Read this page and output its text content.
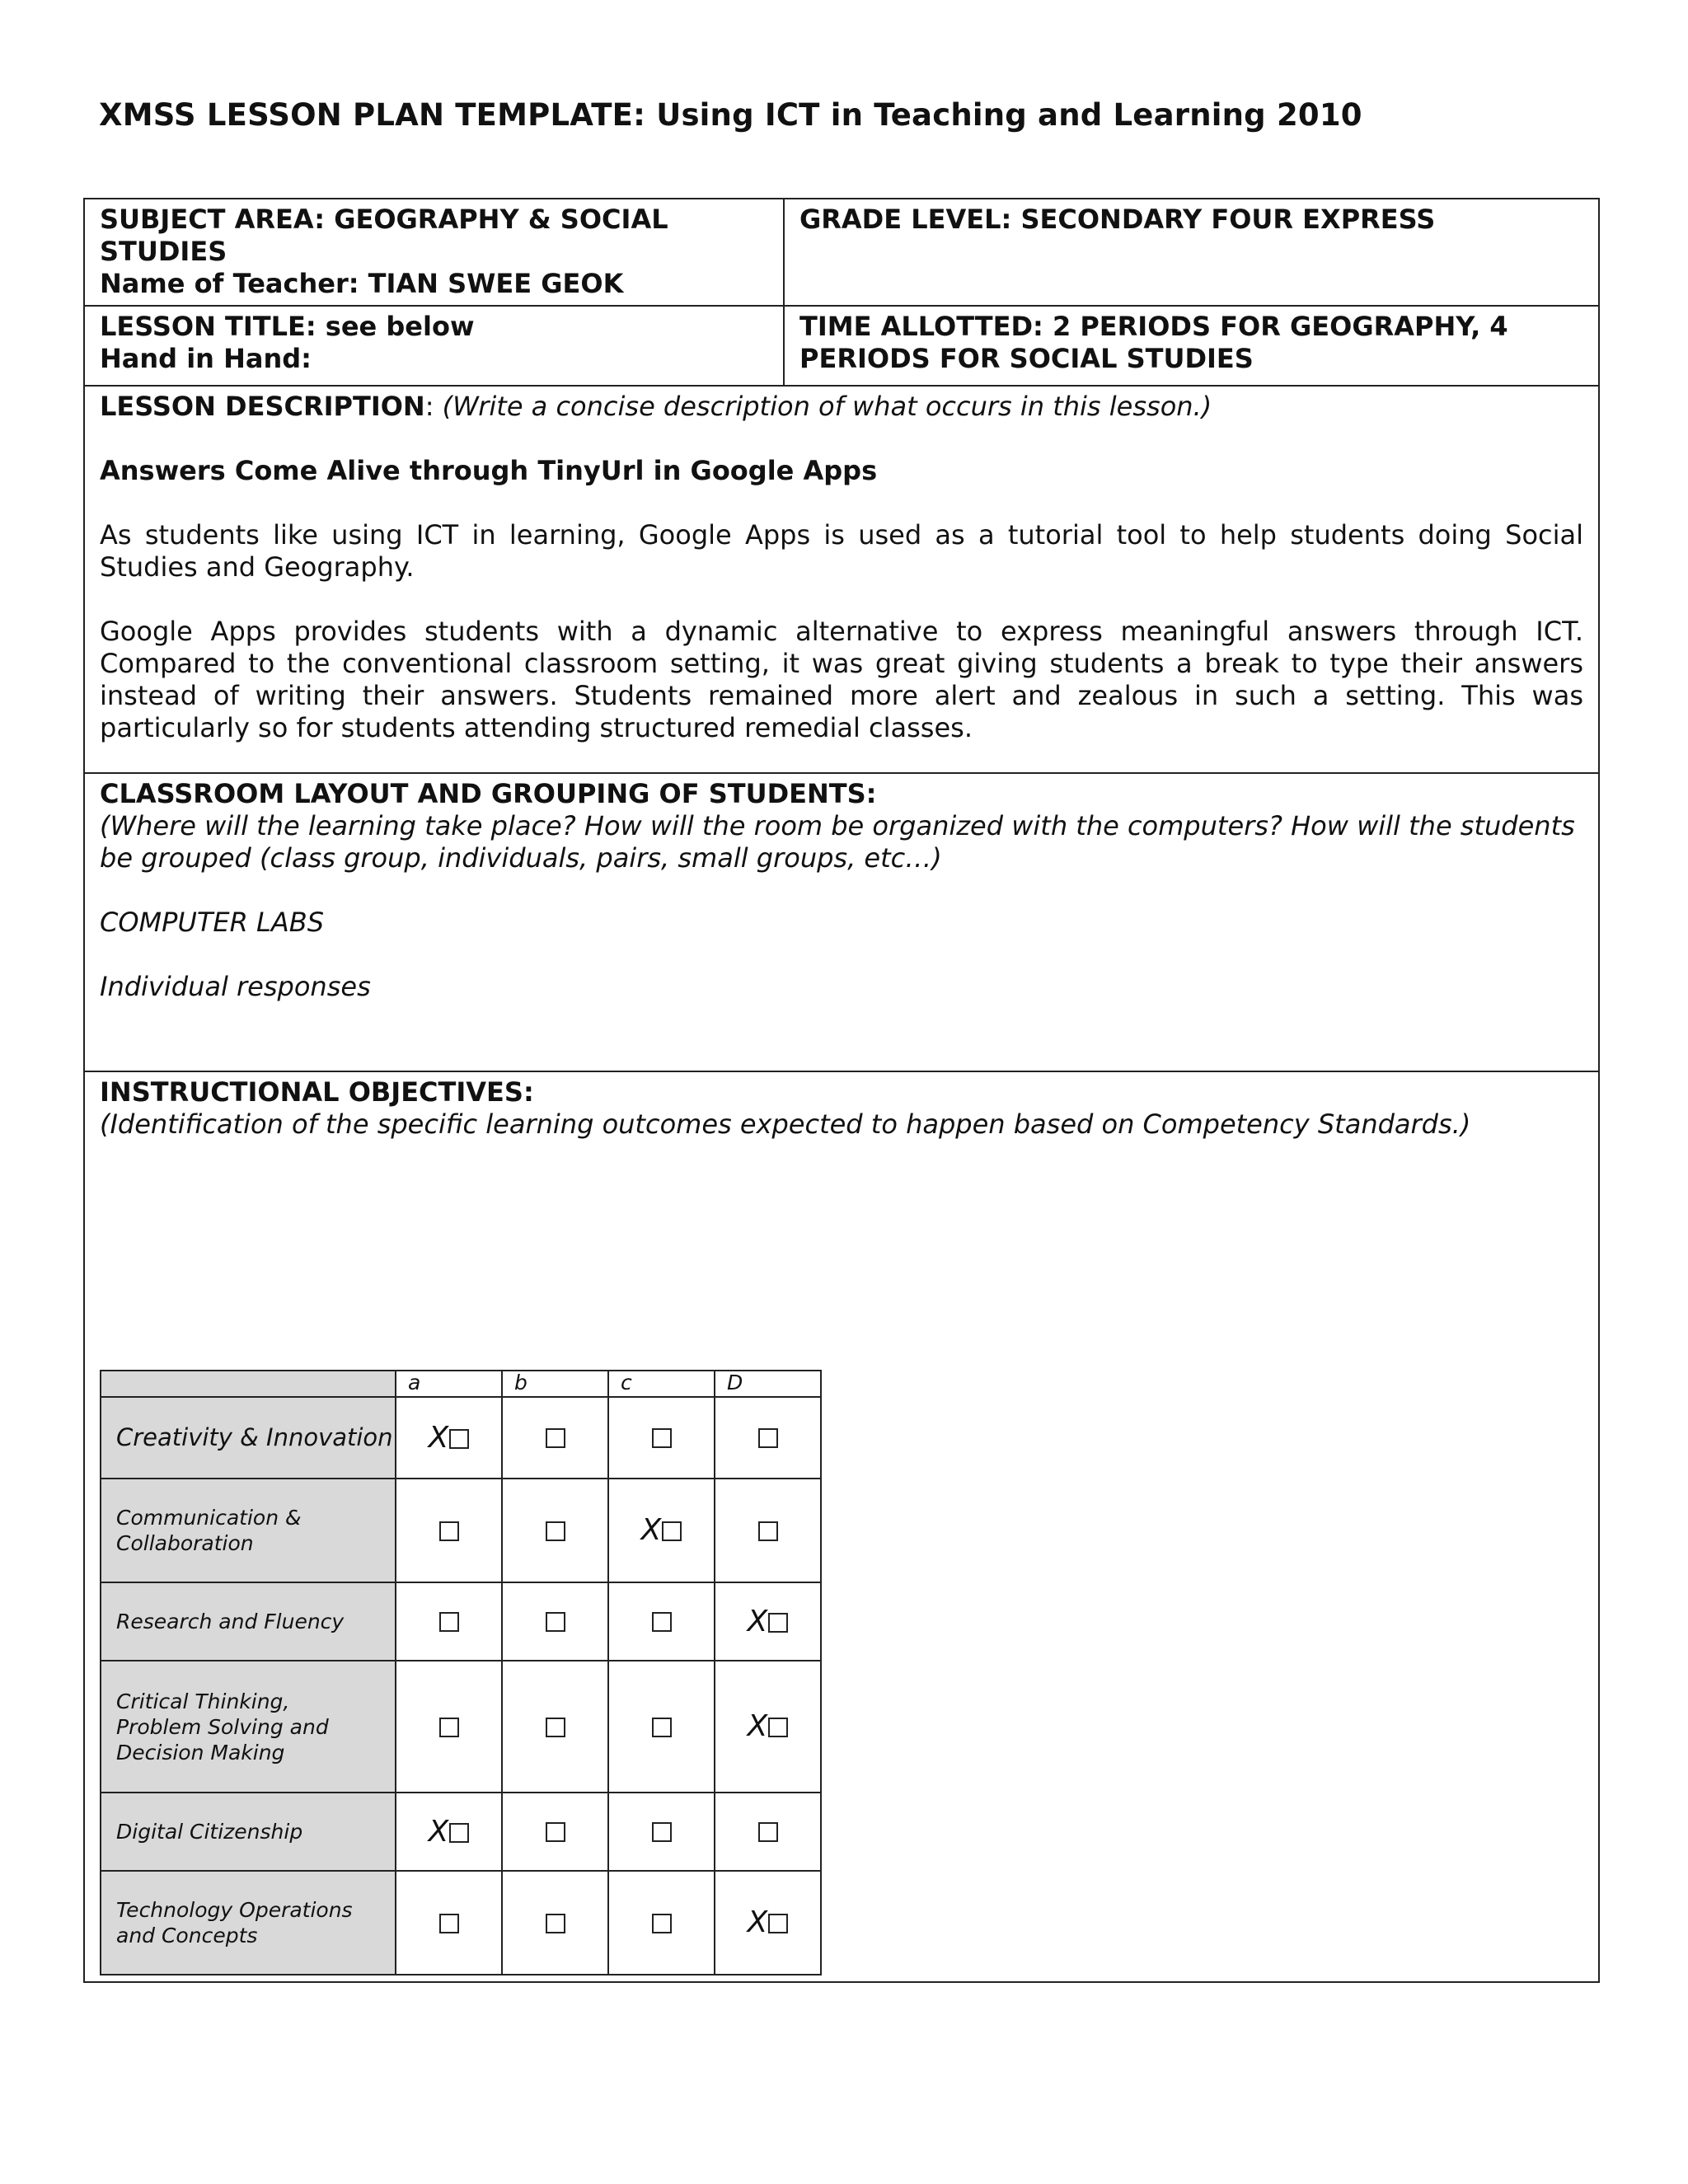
XMSS LESSON PLAN TEMPLATE: Using ICT in Teaching and Learning 2010
SUBJECT AREA: GEOGRAPHY & SOCIAL STUDIES
Name of Teacher: TIAN SWEE GEOK

GRADE LEVEL: SECONDARY FOUR EXPRESS

LESSON TITLE: see below
Hand in Hand:

TIME ALLOTTED: 2 PERIODS FOR GEOGRAPHY, 4 PERIODS FOR SOCIAL STUDIES

LESSON DESCRIPTION: (Write a concise description of what occurs in this lesson.)
Answers Come Alive through TinyUrl in Google Apps

As students like using ICT in learning, Google Apps is used as a tutorial tool to help students doing Social Studies and Geography.

Google Apps provides students with a dynamic alternative to express meaningful answers through ICT. Compared to the conventional classroom setting, it was great giving students a break to type their answers instead of writing their answers. Students remained more alert and zealous in such a setting. This was particularly so for students attending structured remedial classes.

CLASSROOM LAYOUT AND GROUPING OF STUDENTS:
(Where will the learning take place? How will the room be organized with the computers? How will the students be grouped (class group, individuals, pairs, small groups, etc…)
COMPUTER LABS
Individual responses

INSTRUCTIONAL OBJECTIVES:
(Identification of the specific learning outcomes expected to happen based on Competency Standards.)
	a	b	c	D
Creativity & Innovation	X			
Communication & Collaboration			X	
Research and Fluency				X
Critical Thinking, Problem Solving and Decision Making				X
Digital Citizenship	X			
Technology Operations and Concepts				X
